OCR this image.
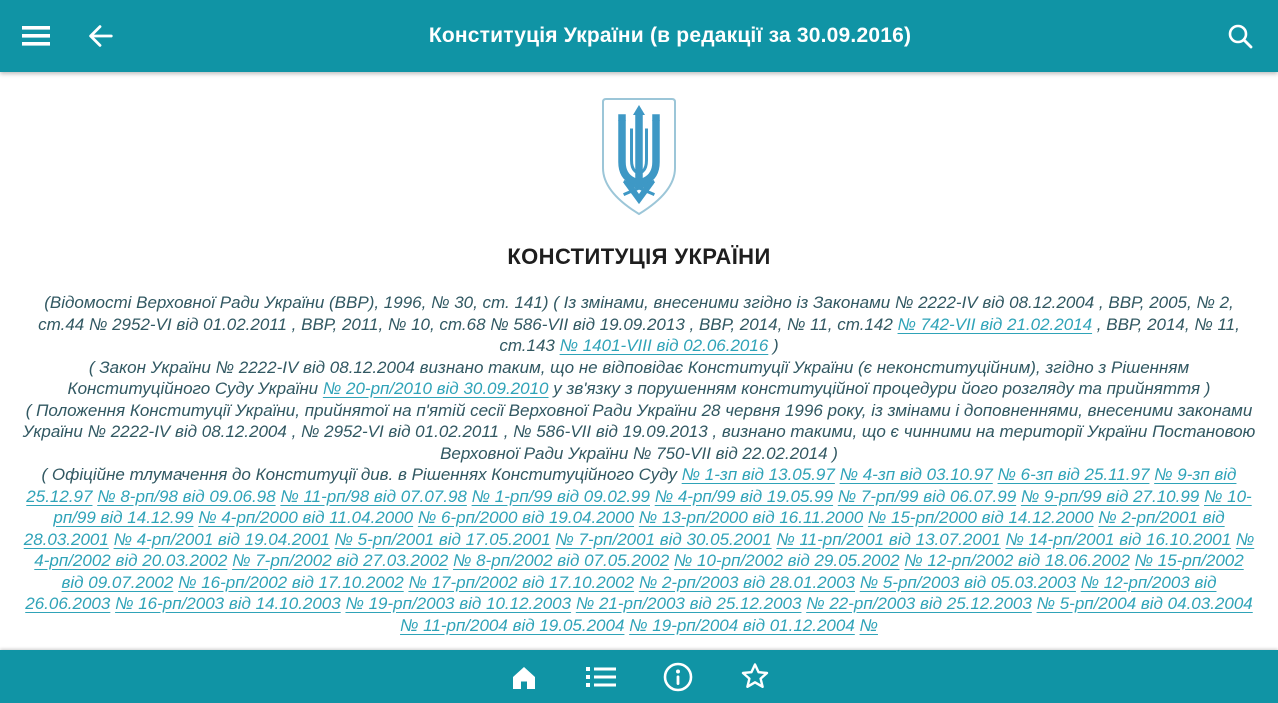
Конституція України (в редакції за 30.09.2016)
КОНСТИТУЦІЯ УКРАЇНИ

(Відомості Верховної Ради України (ВВР), 1996, № 30, ст. 141) ( Із змінами, внесеними згідно із Законами № 2222-IV від 08.12.2004 , ВВР, 2005, № 2, ст.44 № 2952-VI від 01.02.2011 , ВВР, 2011, № 10, ст.68 № 586-VII від 19.09.2013 , ВВР, 2014, № 11, ст.142 № 742-VII від 21.02.2014 , ВВР, 2014, № 11, ст.143 № 1401-VIII від 02.06.2016 )

( Закон України № 2222-IV від 08.12.2004 визнано таким, що не відповідає Конституції України (є неконституційним), згідно з Рішенням Конституційного Суду України № 20-рп/2010 від 30.09.2010 у зв'язку з порушенням конституційної процедури його розгляду та прийняття )

( Положення Конституції України, прийнятої на п'ятій сесії Верховної Ради України 28 червня 1996 року, із змінами і доповненнями, внесеними законами України № 2222-IV від 08.12.2004 , № 2952-VI від 01.02.2011 , № 586-VII від 19.09.2013 , визнано такими, що є чинними на території України Постановою Верховної Ради України № 750-VII від 22.02.2014 )

( Офіційне тлумачення до Конституції див. в Рішеннях Конституційного Суду № 1-зп від 13.05.97 № 4-зп від 03.10.97 № 6-зп від 25.11.97 № 9-зп від 25.12.97 № 8-рп/98 від 09.06.98 № 11-рп/98 від 07.07.98 № 1-рп/99 від 09.02.99 № 4-рп/99 від 19.05.99 № 7-рп/99 від 06.07.99 № 9-рп/99 від 27.10.99 № 10-рп/99 від 14.12.99 № 4-рп/2000 від 11.04.2000 № 6-рп/2000 від 19.04.2000 № 13-рп/2000 від 16.11.2000 № 15-рп/2000 від 14.12.2000 № 2-рп/2001 від 28.03.2001 № 4-рп/2001 від 19.04.2001 № 5-рп/2001 від 17.05.2001 № 7-рп/2001 від 30.05.2001 № 11-рп/2001 від 13.07.2001 № 14-рп/2001 від 16.10.2001 № 4-рп/2002 від 20.03.2002 № 7-рп/2002 від 27.03.2002 № 8-рп/2002 від 07.05.2002 № 10-рп/2002 від 29.05.2002 № 12-рп/2002 від 18.06.2002 № 15-рп/2002 від 09.07.2002 № 16-рп/2002 від 17.10.2002 № 17-рп/2002 від 17.10.2002 № 2-рп/2003 від 28.01.2003 № 5-рп/2003 від 05.03.2003 № 12-рп/2003 від 26.06.2003 № 16-рп/2003 від 14.10.2003 № 19-рп/2003 від 10.12.2003 № 21-рп/2003 від 25.12.2003 № 22-рп/2003 від 25.12.2003 № 5-рп/2004 від 04.03.2004 № 11-рп/2004 від 19.05.2004 № 19-рп/2004 від 01.12.2004 №
